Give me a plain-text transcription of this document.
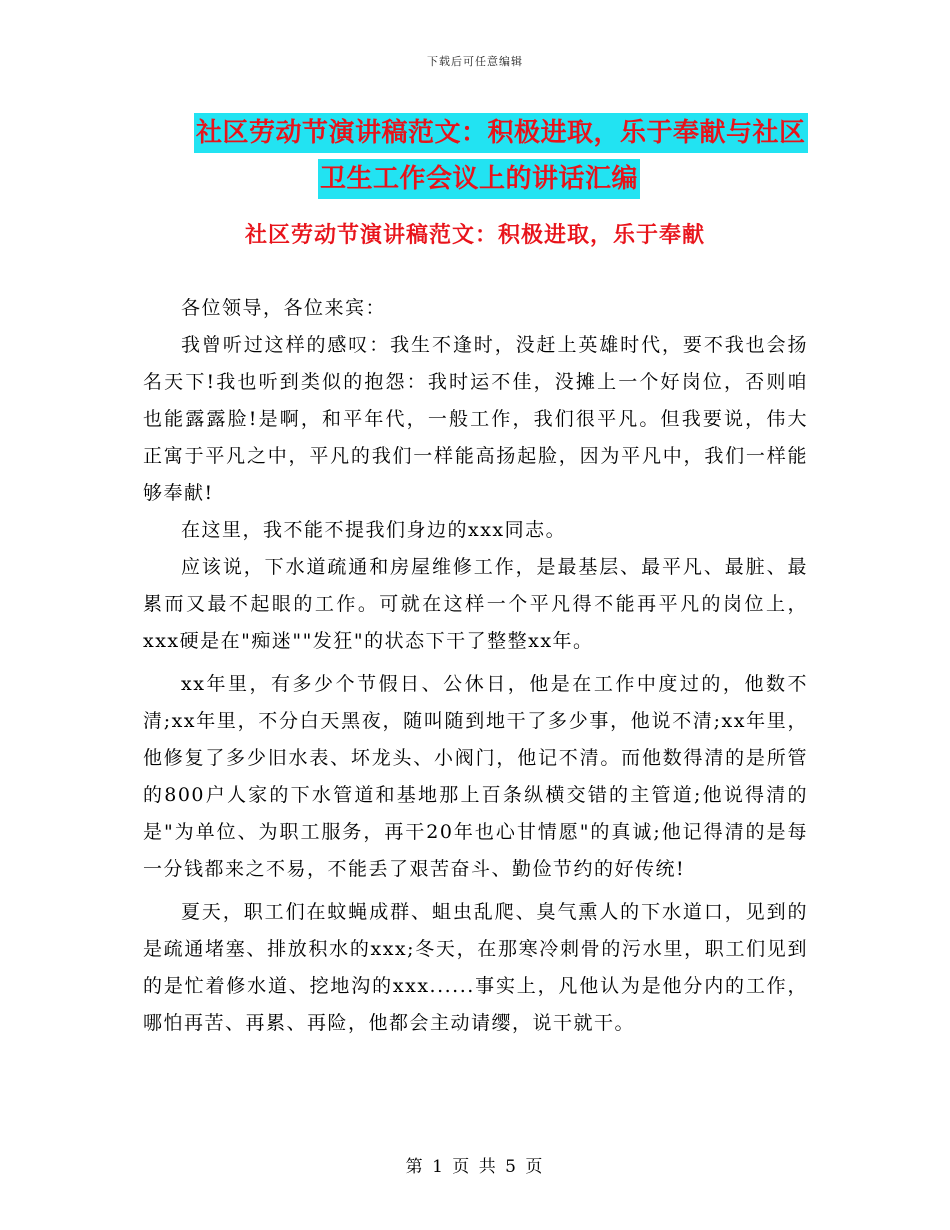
下载后可任意编辑
社区劳动节演讲稿范文：积极进取，乐于奉献与社区
卫生工作会议上的讲话汇编
社区劳动节演讲稿范文：积极进取，乐于奉献

各位领导，各位来宾：

我曾听过这样的感叹：我生不逢时，没赶上英雄时代，要不我也会扬名天下!我也听到类似的抱怨：我时运不佳，没摊上一个好岗位，否则咱也能露露脸!是啊，和平年代，一般工作，我们很平凡。但我要说，伟大正寓于平凡之中，平凡的我们一样能高扬起脸，因为平凡中，我们一样能够奉献!

在这里，我不能不提我们身边的xxx同志。

应该说，下水道疏通和房屋维修工作，是最基层、最平凡、最脏、最累而又最不起眼的工作。可就在这样一个平凡得不能再平凡的岗位上，xxx硬是在"痴迷""发狂"的状态下干了整整xx年。

xx年里，有多少个节假日、公休日，他是在工作中度过的，他数不清;xx年里，不分白天黑夜，随叫随到地干了多少事，他说不清;xx年里，他修复了多少旧水表、坏龙头、小阀门，他记不清。而他数得清的是所管的800户人家的下水管道和基地那上百条纵横交错的主管道;他说得清的是"为单位、为职工服务，再干20年也心甘情愿"的真诚;他记得清的是每一分钱都来之不易，不能丢了艰苦奋斗、勤俭节约的好传统!

夏天，职工们在蚊蝇成群、蛆虫乱爬、臭气熏人的下水道口，见到的是疏通堵塞、排放积水的xxx;冬天，在那寒冷刺骨的污水里，职工们见到的是忙着修水道、挖地沟的xxx......事实上，凡他认为是他分内的工作，哪怕再苦、再累、再险，他都会主动请缨，说干就干。

第 1 页 共 5 页
